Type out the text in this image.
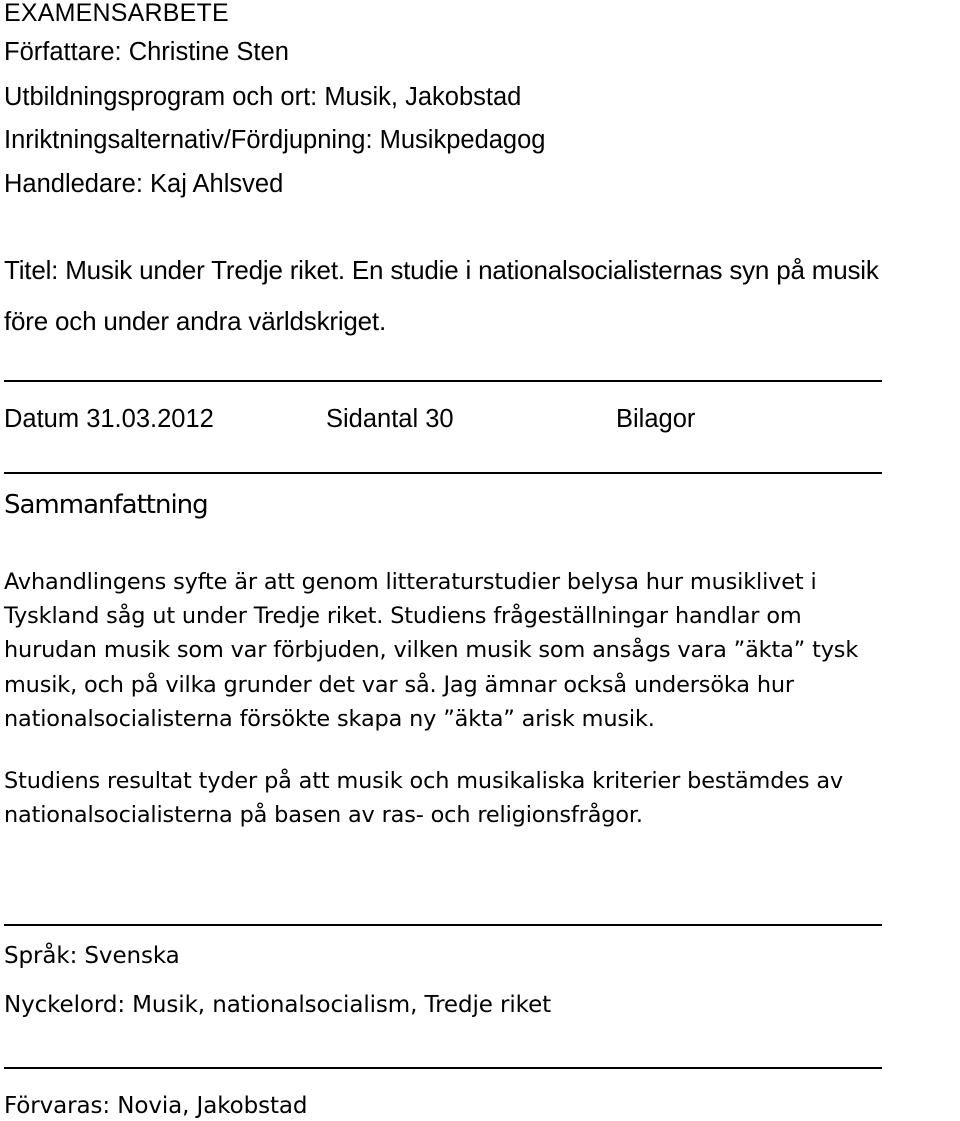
EXAMENSARBETE
Författare: Christine Sten
Utbildningsprogram och ort: Musik, Jakobstad
Inriktningsalternativ/Fördjupning: Musikpedagog
Handledare: Kaj Ahlsved
Titel: Musik under Tredje riket. En studie i nationalsocialisternas syn på musik
före och under andra världskriget.
Datum 31.03.2012	Sidantal 30	Bilagor
Sammanfattning
Avhandlingens syfte är att genom litteraturstudier belysa hur musiklivet i
Tyskland såg ut under Tredje riket. Studiens frågeställningar handlar om
hurudan musik som var förbjuden, vilken musik som ansågs vara ”äkta” tysk
musik, och på vilka grunder det var så. Jag ämnar också undersöka hur
nationalsocialisterna försökte skapa ny ”äkta” arisk musik.
Studiens resultat tyder på att musik och musikaliska kriterier bestämdes av
nationalsocialisterna på basen av ras- och religionsfrågor.
Språk: Svenska
Nyckelord: Musik, nationalsocialism, Tredje riket
Förvaras: Novia, Jakobstad
